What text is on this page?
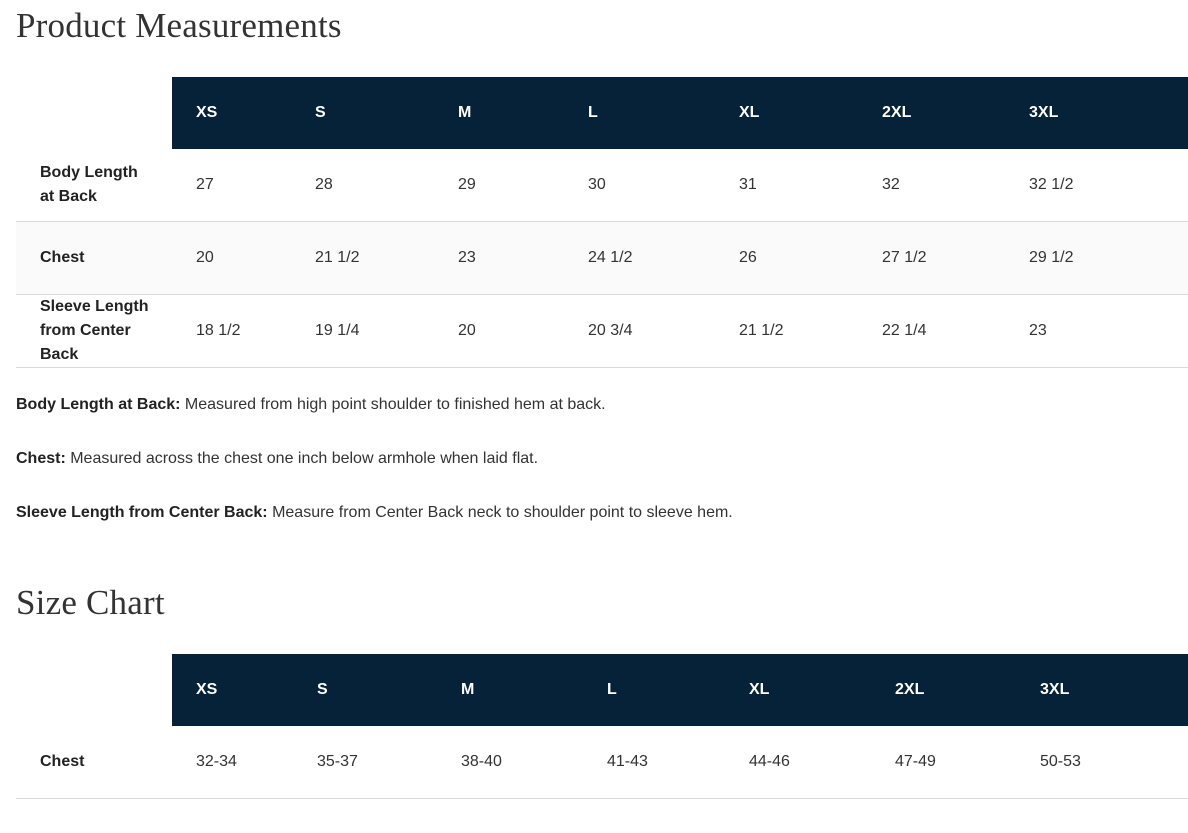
Product Measurements
	XS	S	M	L	XL	2XL	3XL
Body Length at Back	27	28	29	30	31	32	32 1/2
Chest	20	21 1/2	23	24 1/2	26	27 1/2	29 1/2
Sleeve Length from Center Back	18 1/2	19 1/4	20	20 3/4	21 1/2	22 1/4	23

Body Length at Back: Measured from high point shoulder to finished hem at back.

Chest: Measured across the chest one inch below armhole when laid flat.

Sleeve Length from Center Back: Measure from Center Back neck to shoulder point to sleeve hem.

Size Chart
	XS	S	M	L	XL	2XL	3XL
Chest	32-34	35-37	38-40	41-43	44-46	47-49	50-53
